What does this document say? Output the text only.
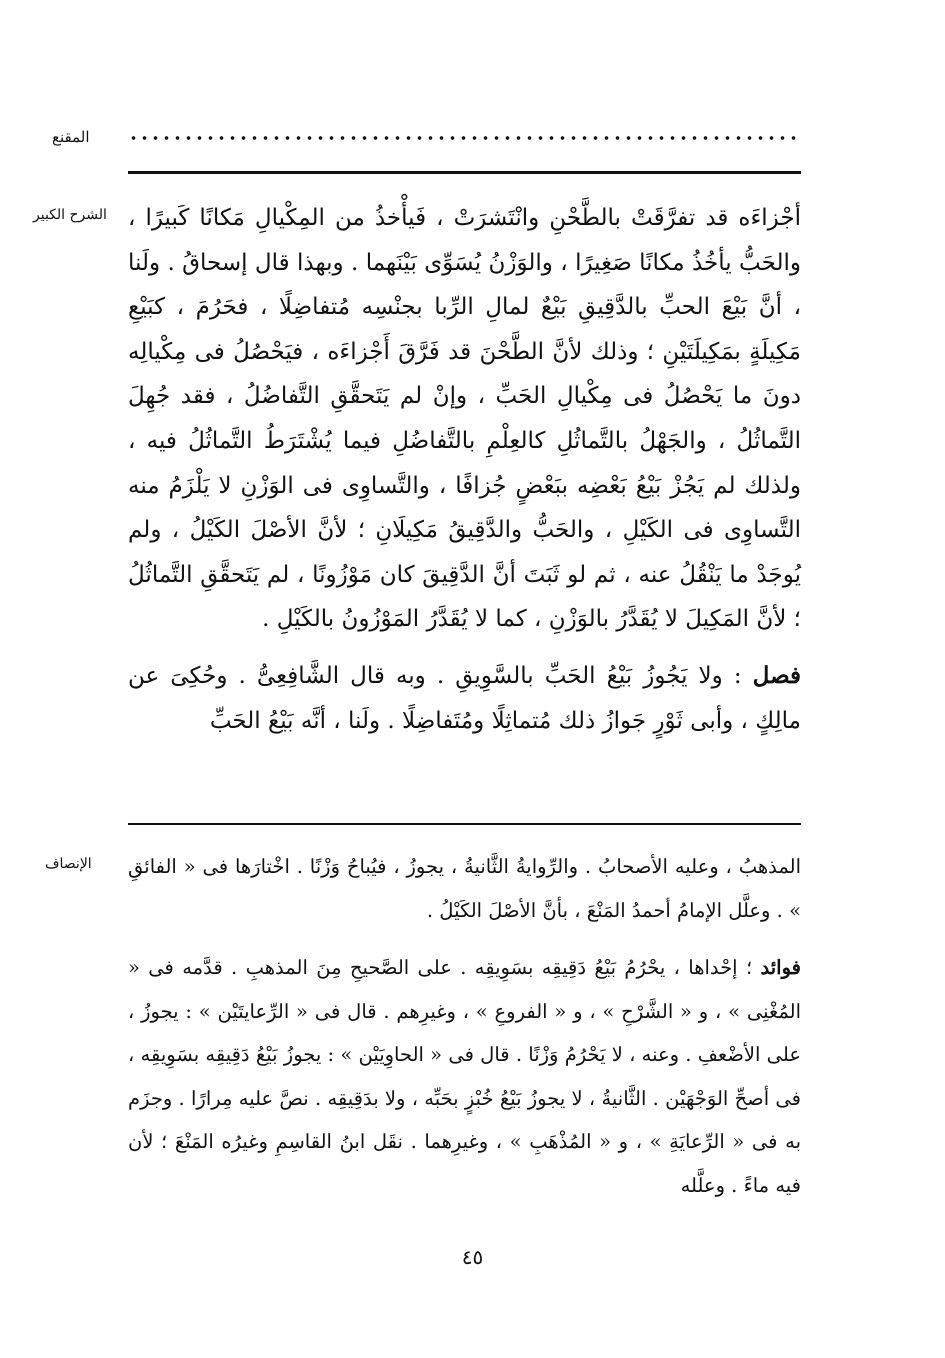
المقنع
الشرح الكبير أجْزاءَه قد تفرَّقَتْ بالطَّحْنِ وانْتَشرَتْ ، فَيأْخذُ من المِكْيالِ مَكانًا كَبيرًا ، والحَبُّ يأخُذُ مكانًا صَغِيرًا ، والوَزْنُ يُسَوِّى بَيْنَهما . وبهذا قال إسحاقُ . ولَنا ، أنَّ بَيْعَ الحبِّ بالدَّقِيقِ بَيْعٌ لمالِ الرِّبا بجنْسِه مُتفاضِلًا ، فحَرُمَ ، كبَيْعِ مَكِيلَةٍ بمَكِيلَتَيْنِ ؛ وذلك لأنَّ الطَّحْنَ قد فَرَّقَ أَجْزاءَه ، فيَحْصُلُ فى مِكْيالِه دونَ ما يَحْصُلُ فى مِكْيالِ الحَبِّ ، وإنْ لم يَتَحقَّقِ التَّفاضُلُ ، فقد جُهِلَ التَّماثُلُ ، والجَهْلُ بالتَّماثُلِ كالعِلْمِ بالتَّفاضُلِ فيما يُشْتَرَطُ التَّماثُلُ فيه ، ولذلك لم يَجُزْ بَيْعُ بَعْضِه ببَعْضٍ جُزافًا ، والتَّساوِى فى الوَزْنِ لا يَلْزَمُ منه التَّساوِى فى الكَيْلِ ، والحَبُّ والدَّقِيقُ مَكِيلَانِ ؛ لأنَّ الأصْلَ الكَيْلُ ، ولم يُوجَدْ ما يَنْقُلُ عنه ، ثم لو ثَبَتَ أنَّ الدَّقِيقَ كان مَوْزُونًا ، لم يَتَحقَّقِ التَّماثُلُ ؛ لأنَّ المَكِيلَ لا يُقَدَّرُ بالوَزْنِ ، كما لا يُقَدَّرُ المَوْزُونُ بالكَيْلِ .

فصل : ولا يَجُوزُ بَيْعُ الحَبِّ بالسَّوِيقِ . وبه قال الشَّافِعِىُّ . وحُكِىَ عن مالِكٍ ، وأبى ثَوْرٍ جَوازُ ذلك مُتماثِلًا ومُتَفاضِلًا . ولَنا ، أنَّه بَيْعُ الحَبِّ

الإنصاف المذهبُ ، وعليه الأصحابُ . والرِّوايةُ الثَّانيةُ ، يجوزُ ، فيُباحُ وَزْنًا . اخْتارَها فى « الفائقِ » . وعلَّل الإمامُ أحمدُ المَنْعَ ، بأنَّ الأصْلَ الكَيْلُ .

فوائد ؛ إحْداها ، يحْرُمُ بَيْعُ دَقِيقِه بسَوِيقِه . على الصَّحيحِ مِنَ المذهبِ . قدَّمه فى « المُغْنِى » ، و « الشَّرْحِ » ، و « الفروعِ » ، وغيرِهم . قال فى « الرِّعايتَيْن » : يجوزُ ، على الأضْعفِ . وعنه ، لا يَحْرُمُ وَزْنًا . قال فى « الحاوِيَيْن » : يجوزُ بَيْعُ دَقِيقِه بسَوِيقِه ، فى أصحِّ الوَجْهَيْن . الثَّانيةُ ، لا يجوزُ بَيْعُ خُبْزٍ بحَبِّه ، ولا بدَقِيقِه . نصَّ عليه مِرارًا . وجزَم به فى « الرِّعايَةِ » ، و « المُذْهَبِ » ، وغيرِهما . نقَل ابنُ القاسِمِ وغيرُه المَنْعَ ؛ لأن فيه ماءً . وعلَّله

٤٥
